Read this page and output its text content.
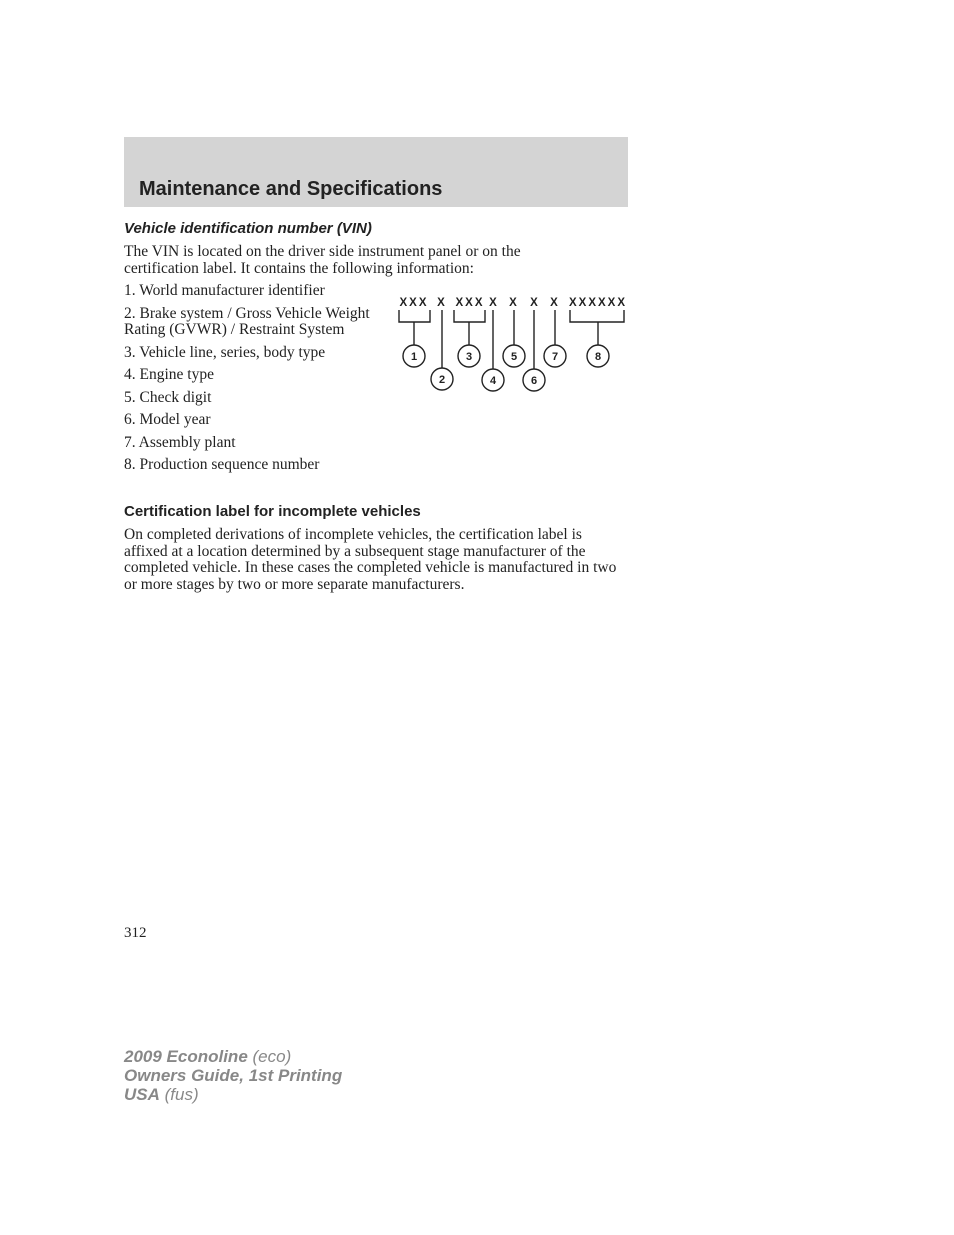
Maintenance and Specifications
Vehicle identification number (VIN)

The VIN is located on the driver side instrument panel or on the certification label. It contains the following information:

1. World manufacturer identifier
2. Brake system / Gross Vehicle Weight Rating (GVWR) / Restraint System
3. Vehicle line, series, body type
4. Engine type
5. Check digit
6. Model year
7. Assembly plant
8. Production sequence number
XXX X XXX X X X X XXXXXX
1
2
3
4
5
6
7	8
Certification label for incomplete vehicles

On completed derivations of incomplete vehicles, the certification label is affixed at a location determined by a subsequent stage manufacturer of the completed vehicle. In these cases the completed vehicle is manufactured in two or more stages by two or more separate manufacturers.

312
2009 Econoline (eco)
Owners Guide, 1st Printing
USA (fus)
